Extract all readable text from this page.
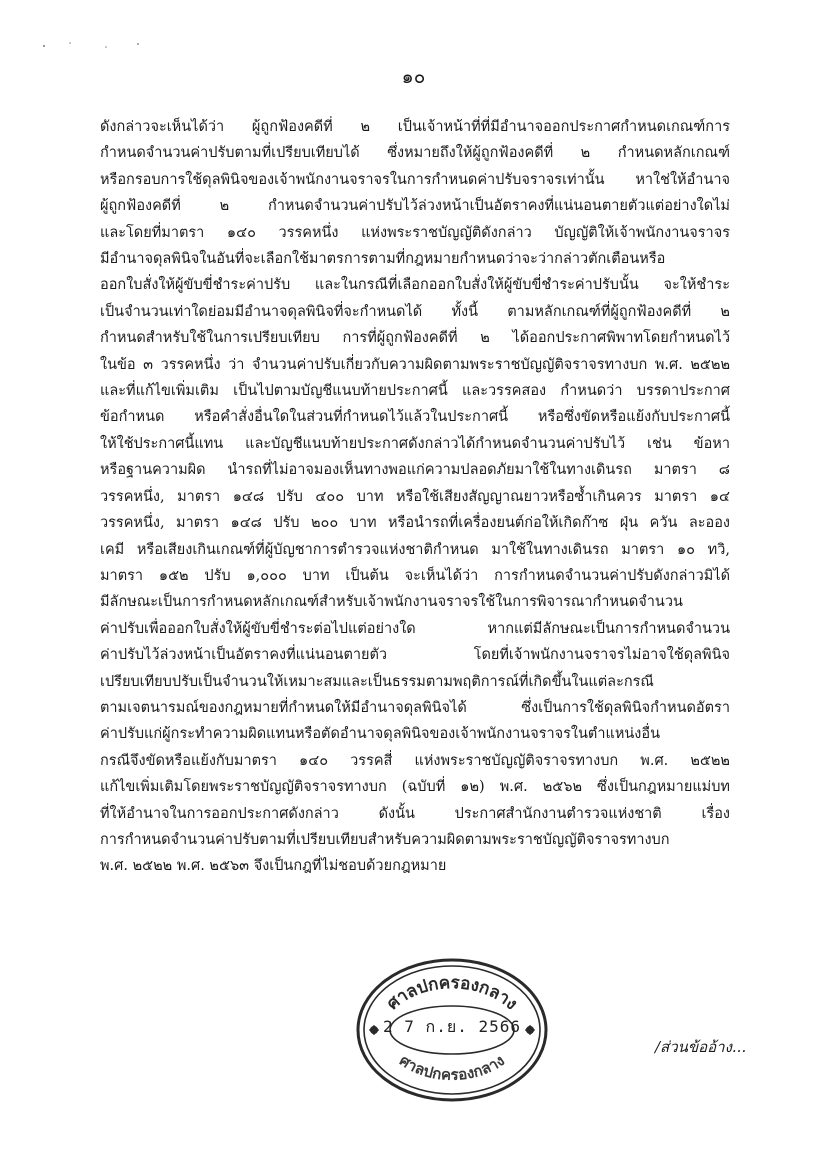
๑๐
ดังกล่าวจะเห็นได้ว่า ผู้ถูกฟ้องคดีที่ ๒ เป็นเจ้าหน้าที่ที่มีอำนาจออกประกาศกำหนดเกณฑ์การ
กำหนดจำนวนค่าปรับตามที่เปรียบเทียบได้ ซึ่งหมายถึงให้ผู้ถูกฟ้องคดีที่ ๒ กำหนดหลักเกณฑ์
หรือกรอบการใช้ดุลพินิจของเจ้าพนักงานจราจรในการกำหนดค่าปรับจราจรเท่านั้น หาใช่ให้อำนาจ
ผู้ถูกฟ้องคดีที่ ๒ กำหนดจำนวนค่าปรับไว้ล่วงหน้าเป็นอัตราคงที่แน่นอนตายตัวแต่อย่างใดไม่
และโดยที่มาตรา ๑๔๐ วรรคหนึ่ง แห่งพระราชบัญญัติดังกล่าว บัญญัติให้เจ้าพนักงานจราจร
มีอำนาจดุลพินิจในอันที่จะเลือกใช้มาตรการตามที่กฎหมายกำหนดว่าจะว่ากล่าวตักเตือนหรือ
ออกใบสั่งให้ผู้ขับขี่ชำระค่าปรับ และในกรณีที่เลือกออกใบสั่งให้ผู้ขับขี่ชำระค่าปรับนั้น จะให้ชำระ
เป็นจำนวนเท่าใดย่อมมีอำนาจดุลพินิจที่จะกำหนดได้ ทั้งนี้ ตามหลักเกณฑ์ที่ผู้ถูกฟ้องคดีที่ ๒
กำหนดสำหรับใช้ในการเปรียบเทียบ การที่ผู้ถูกฟ้องคดีที่ ๒ ได้ออกประกาศพิพาทโดยกำหนดไว้
ในข้อ ๓ วรรคหนึ่ง ว่า จำนวนค่าปรับเกี่ยวกับความผิดตามพระราชบัญญัติจราจรทางบก พ.ศ. ๒๕๒๒
และที่แก้ไขเพิ่มเติม เป็นไปตามบัญชีแนบท้ายประกาศนี้ และวรรคสอง กำหนดว่า บรรดาประกาศ
ข้อกำหนด หรือคำสั่งอื่นใดในส่วนที่กำหนดไว้แล้วในประกาศนี้ หรือซึ่งขัดหรือแย้งกับประกาศนี้
ให้ใช้ประกาศนี้แทน และบัญชีแนบท้ายประกาศดังกล่าวได้กำหนดจำนวนค่าปรับไว้ เช่น ข้อหา
หรือฐานความผิด นำรถที่ไม่อาจมองเห็นทางพอแก่ความปลอดภัยมาใช้ในทางเดินรถ มาตรา ๘
วรรคหนึ่ง, มาตรา ๑๔๘ ปรับ ๔๐๐ บาท หรือใช้เสียงสัญญาณยาวหรือซ้ำเกินควร มาตรา ๑๔
วรรคหนึ่ง, มาตรา ๑๔๘ ปรับ ๒๐๐ บาท หรือนำรถที่เครื่องยนต์ก่อให้เกิดก๊าซ ฝุ่น ควัน ละออง
เคมี หรือเสียงเกินเกณฑ์ที่ผู้บัญชาการตำรวจแห่งชาติกำหนด มาใช้ในทางเดินรถ มาตรา ๑๐ ทวิ,
มาตรา ๑๕๒ ปรับ ๑,๐๐๐ บาท เป็นต้น จะเห็นได้ว่า การกำหนดจำนวนค่าปรับดังกล่าวมิได้
มีลักษณะเป็นการกำหนดหลักเกณฑ์สำหรับเจ้าพนักงานจราจรใช้ในการพิจารณากำหนดจำนวน
ค่าปรับเพื่อออกใบสั่งให้ผู้ขับขี่ชำระต่อไปแต่อย่างใด หากแต่มีลักษณะเป็นการกำหนดจำนวน
ค่าปรับไว้ล่วงหน้าเป็นอัตราคงที่แน่นอนตายตัว โดยที่เจ้าพนักงานจราจรไม่อาจใช้ดุลพินิจ
เปรียบเทียบปรับเป็นจำนวนให้เหมาะสมและเป็นธรรมตามพฤติการณ์ที่เกิดขึ้นในแต่ละกรณี
ตามเจตนารมณ์ของกฎหมายที่กำหนดให้มีอำนาจดุลพินิจได้ ซึ่งเป็นการใช้ดุลพินิจกำหนดอัตรา
ค่าปรับแก่ผู้กระทำความผิดแทนหรือตัดอำนาจดุลพินิจของเจ้าพนักงานจราจรในตำแหน่งอื่น
กรณีจึงขัดหรือแย้งกับมาตรา ๑๔๐ วรรคสี่ แห่งพระราชบัญญัติจราจรทางบก พ.ศ. ๒๕๒๒
แก้ไขเพิ่มเติมโดยพระราชบัญญัติจราจรทางบก (ฉบับที่ ๑๒) พ.ศ. ๒๕๖๒ ซึ่งเป็นกฎหมายแม่บท
ที่ให้อำนาจในการออกประกาศดังกล่าว ดังนั้น ประกาศสำนักงานตำรวจแห่งชาติ เรื่อง
การกำหนดจำนวนค่าปรับตามที่เปรียบเทียบสำหรับความผิดตามพระราชบัญญัติจราจรทางบก
พ.ศ. ๒๕๒๒ พ.ศ. ๒๕๖๓ จึงเป็นกฎที่ไม่ชอบด้วยกฎหมาย
ศาลปกครองกลาง
ศาลปกครองกลาง
2 7 ก.ย. 2566
/ส่วนข้ออ้าง...
